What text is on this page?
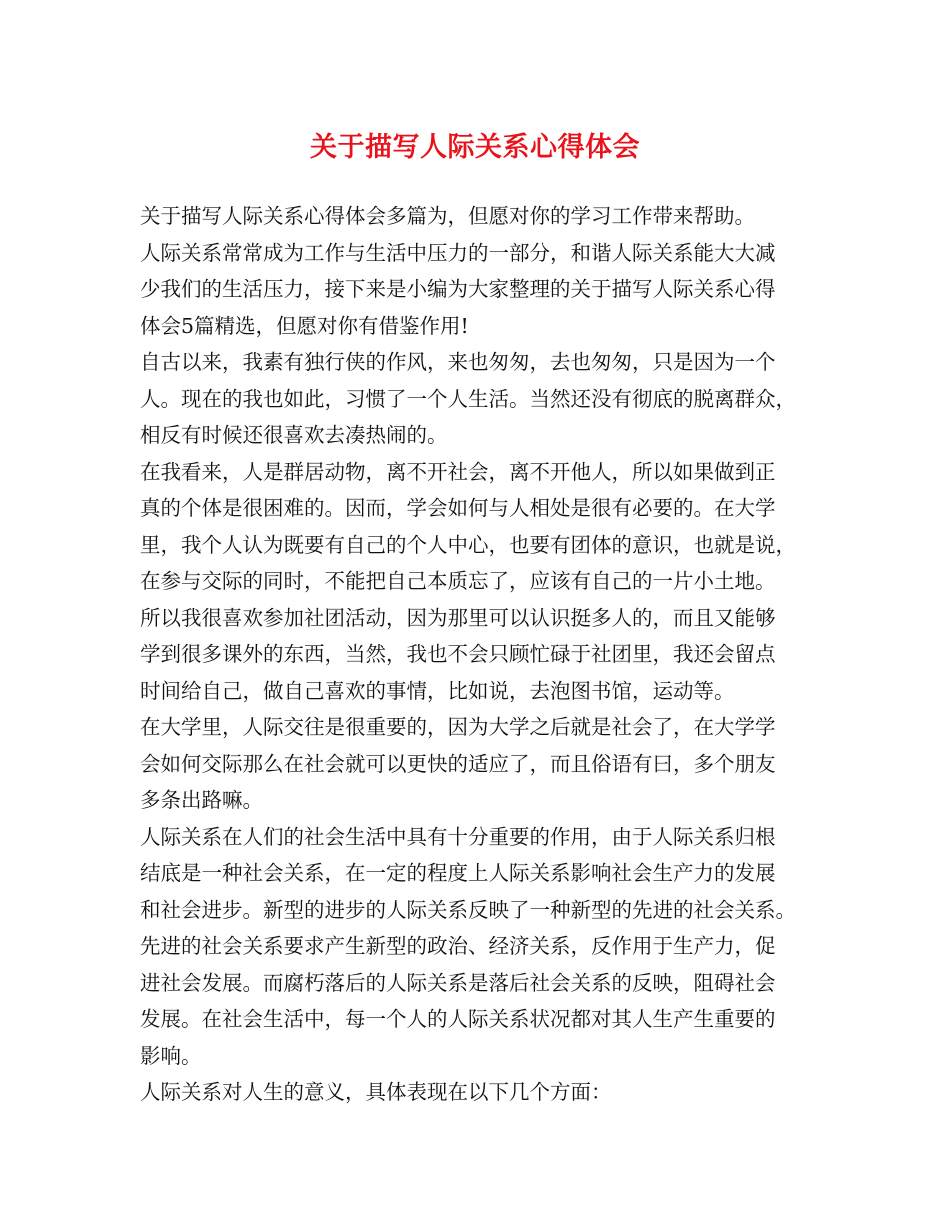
关于描写人际关系心得体会
关于描写人际关系心得体会多篇为，但愿对你的学习工作带来帮助。
人际关系常常成为工作与生活中压力的一部分，和谐人际关系能大大减
少我们的生活压力，接下来是小编为大家整理的关于描写人际关系心得
体会5篇精选，但愿对你有借鉴作用!
自古以来，我素有独行侠的作风，来也匆匆，去也匆匆，只是因为一个
人。现在的我也如此，习惯了一个人生活。当然还没有彻底的脱离群众，
相反有时候还很喜欢去凑热闹的。
在我看来，人是群居动物，离不开社会，离不开他人，所以如果做到正
真的个体是很困难的。因而，学会如何与人相处是很有必要的。在大学
里，我个人认为既要有自己的个人中心，也要有团体的意识，也就是说，
在参与交际的同时，不能把自己本质忘了，应该有自己的一片小土地。
所以我很喜欢参加社团活动，因为那里可以认识挺多人的，而且又能够
学到很多课外的东西，当然，我也不会只顾忙碌于社团里，我还会留点
时间给自己，做自己喜欢的事情，比如说，去泡图书馆，运动等。
在大学里，人际交往是很重要的，因为大学之后就是社会了，在大学学
会如何交际那么在社会就可以更快的适应了，而且俗语有曰，多个朋友
多条出路嘛。
人际关系在人们的社会生活中具有十分重要的作用，由于人际关系归根
结底是一种社会关系，在一定的程度上人际关系影响社会生产力的发展
和社会进步。新型的进步的人际关系反映了一种新型的先进的社会关系。
先进的社会关系要求产生新型的政治、经济关系，反作用于生产力，促
进社会发展。而腐朽落后的人际关系是落后社会关系的反映，阻碍社会
发展。在社会生活中，每一个人的人际关系状况都对其人生产生重要的
影响。
人际关系对人生的意义，具体表现在以下几个方面：
